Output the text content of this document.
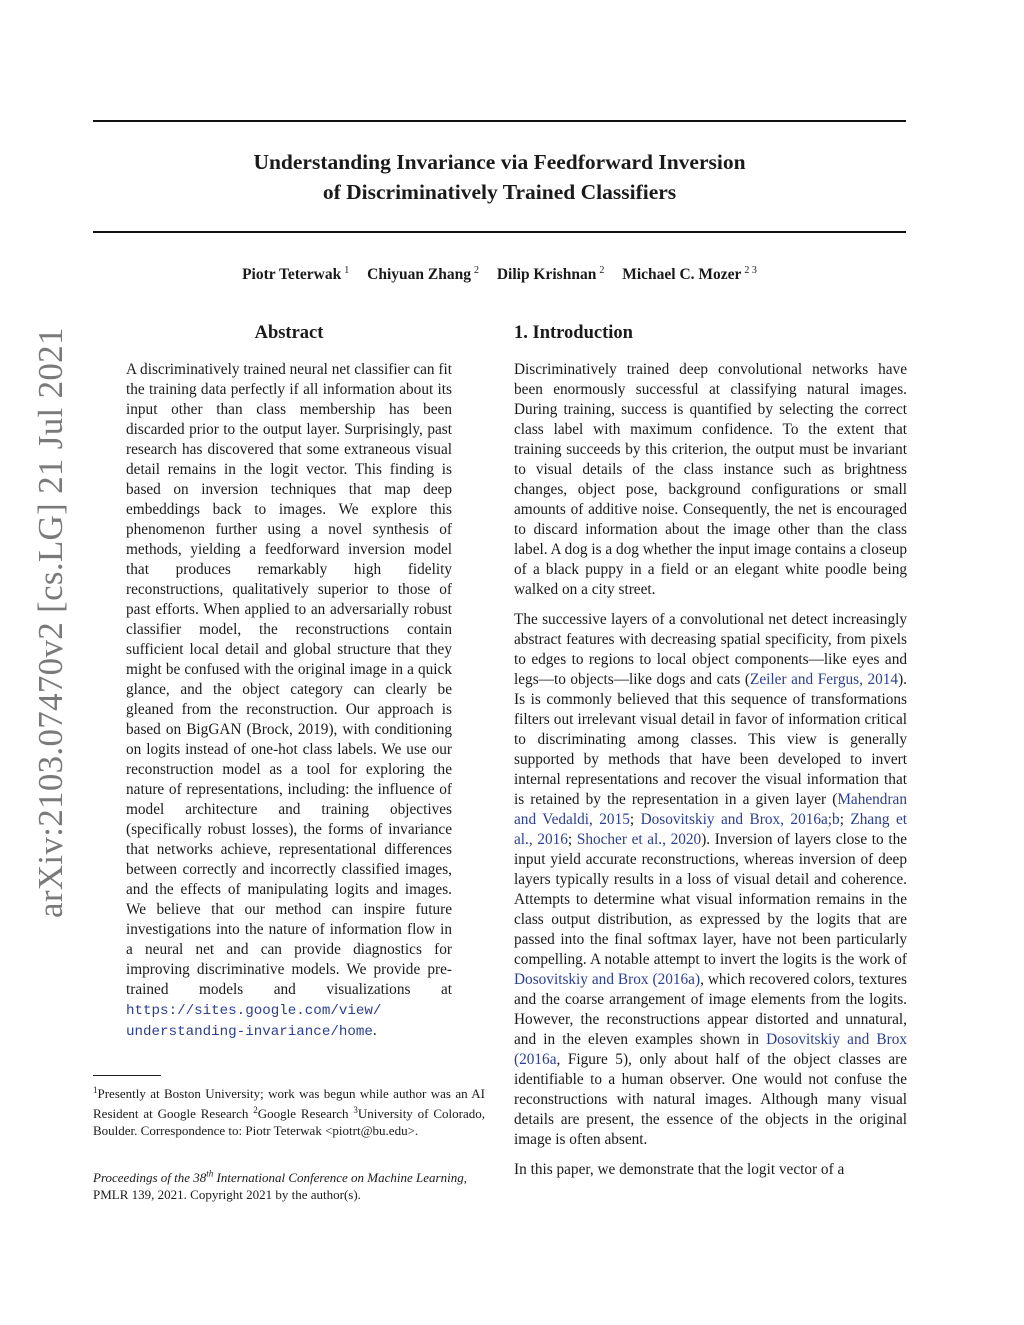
arXiv:2103.07470v2 [cs.LG] 21 Jul 2021
Understanding Invariance via Feedforward Inversion
of Discriminatively Trained Classifiers
Piotr Teterwak $^1$ Chiyuan Zhang $^2$ Dilip Krishnan $^2$ Michael C. Mozer $^{2 3}$
Abstract

A discriminatively trained neural net classifier can fit the training data perfectly if all information about its input other than class membership has been discarded prior to the output layer. Surprisingly, past research has discovered that some extraneous visual detail remains in the logit vector. This finding is based on inversion techniques that map deep embeddings back to images. We explore this phenomenon further using a novel synthesis of methods, yielding a feedforward inversion model that produces remarkably high fidelity reconstructions, qualitatively superior to those of past efforts. When applied to an adversarially robust classifier model, the reconstructions contain sufficient local detail and global structure that they might be confused with the original image in a quick glance, and the object category can clearly be gleaned from the reconstruction. Our approach is based on BigGAN (Brock, 2019), with conditioning on logits instead of one-hot class labels. We use our reconstruction model as a tool for exploring the nature of representations, including: the influence of model architecture and training objectives (specifically robust losses), the forms of invariance that networks achieve, representational differences between correctly and incorrectly classified images, and the effects of manipulating logits and images. We believe that our method can inspire future investigations into the nature of information flow in a neural net and can provide diagnostics for improving discriminative models. We provide pre-trained models and visualizations at https://sites.google.com/view/
understanding-invariance/home.

$^1$Presently at Boston University; work was begun while author was an AI Resident at Google Research $^2$Google Research $^3$University of Colorado, Boulder. Correspondence to: Piotr Teterwak <piotrt@bu.edu>.
Proceedings of the 38th International Conference on Machine Learning, PMLR 139, 2021. Copyright 2021 by the author(s).
1. Introduction

Discriminatively trained deep convolutional networks have been enormously successful at classifying natural images. During training, success is quantified by selecting the correct class label with maximum confidence. To the extent that training succeeds by this criterion, the output must be invariant to visual details of the class instance such as brightness changes, object pose, background configurations or small amounts of additive noise. Consequently, the net is encouraged to discard information about the image other than the class label. A dog is a dog whether the input image contains a closeup of a black puppy in a field or an elegant white poodle being walked on a city street.

The successive layers of a convolutional net detect increasingly abstract features with decreasing spatial specificity, from pixels to edges to regions to local object components—like eyes and legs—to objects—like dogs and cats (Zeiler and Fergus, 2014). Is is commonly believed that this sequence of transformations filters out irrelevant visual detail in favor of information critical to discriminating among classes. This view is generally supported by methods that have been developed to invert internal representations and recover the visual information that is retained by the representation in a given layer (Mahendran and Vedaldi, 2015; Dosovitskiy and Brox, 2016a;b; Zhang et al., 2016; Shocher et al., 2020). Inversion of layers close to the input yield accurate reconstructions, whereas inversion of deep layers typically results in a loss of visual detail and coherence. Attempts to determine what visual information remains in the class output distribution, as expressed by the logits that are passed into the final softmax layer, have not been particularly compelling. A notable attempt to invert the logits is the work of Dosovitskiy and Brox (2016a), which recovered colors, textures and the coarse arrangement of image elements from the logits. However, the reconstructions appear distorted and unnatural, and in the eleven examples shown in Dosovitskiy and Brox (2016a, Figure 5), only about half of the object classes are identifiable to a human observer. One would not confuse the reconstructions with natural images. Although many visual details are present, the essence of the objects in the original image is often absent.

In this paper, we demonstrate that the logit vector of a
